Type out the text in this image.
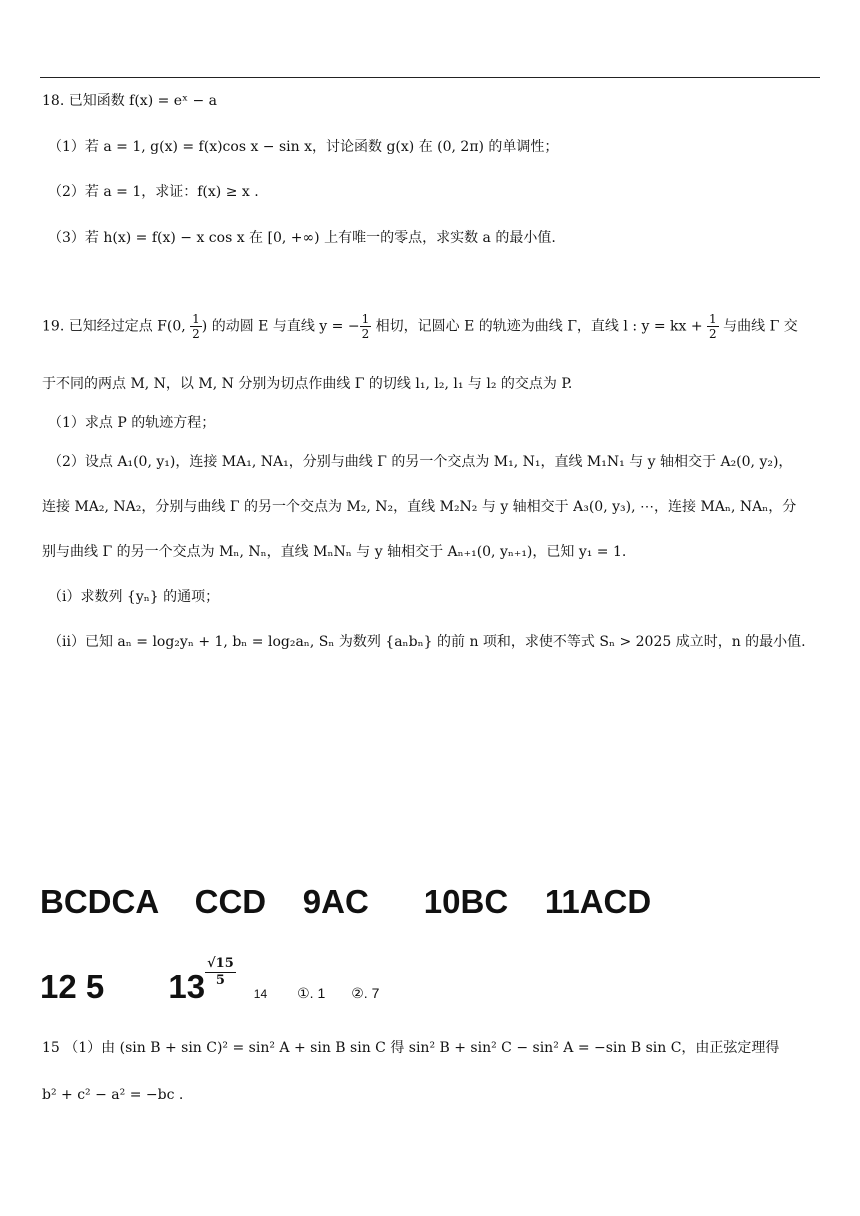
18. 已知函数 f(x) = eˣ − a
（1）若 a = 1, g(x) = f(x)cos x − sin x，讨论函数 g(x) 在 (0, 2π) 的单调性；
（2）若 a = 1，求证：f(x) ≥ x .
（3）若 h(x) = f(x) − x cos x 在 [0, +∞) 上有唯一的零点，求实数 a 的最小值.
19. 已知经过定点 F(0, $\frac{1}{2}$ ) 的动圆 E 与直线 y = − $\frac{1}{2}$ 相切，记圆心 E 的轨迹为曲线 Γ，直线 l : y = kx + $\frac{1}{2}$ 与曲线 Γ 交
于不同的两点 M, N，以 M, N 分别为切点作曲线 Γ 的切线 l₁, l₂, l₁ 与 l₂ 的交点为 P.
（1）求点 P 的轨迹方程；
（2）设点 A₁(0, y₁)，连接 MA₁, NA₁，分别与曲线 Γ 的另一个交点为 M₁, N₁，直线 M₁N₁ 与 y 轴相交于 A₂(0, y₂)，
连接 MA₂, NA₂，分别与曲线 Γ 的另一个交点为 M₂, N₂，直线 M₂N₂ 与 y 轴相交于 A₃(0, y₃), ⋯，连接 MAₙ, NAₙ，分
别与曲线 Γ 的另一个交点为 Mₙ, Nₙ，直线 MₙNₙ 与 y 轴相交于 Aₙ₊₁(0, yₙ₊₁)，已知 y₁ = 1.
（i）求数列 {yₙ} 的通项；
（ii）已知 aₙ = log₂yₙ + 1, bₙ = log₂aₙ, Sₙ 为数列 {aₙbₙ} 的前 n 项和，求使不等式 Sₙ > 2025 成立时，n 的最小值.
BCDCA    CCD    9AC      10BC    11ACD
12 5       $13 \frac{√15}{5}$
14 ①. 1 ②. 7
15 （1）由 (sin B + sin C)² = sin² A + sin B sin C 得 sin² B + sin² C − sin² A = −sin B sin C，由正弦定理得
b² + c² − a² = −bc .
